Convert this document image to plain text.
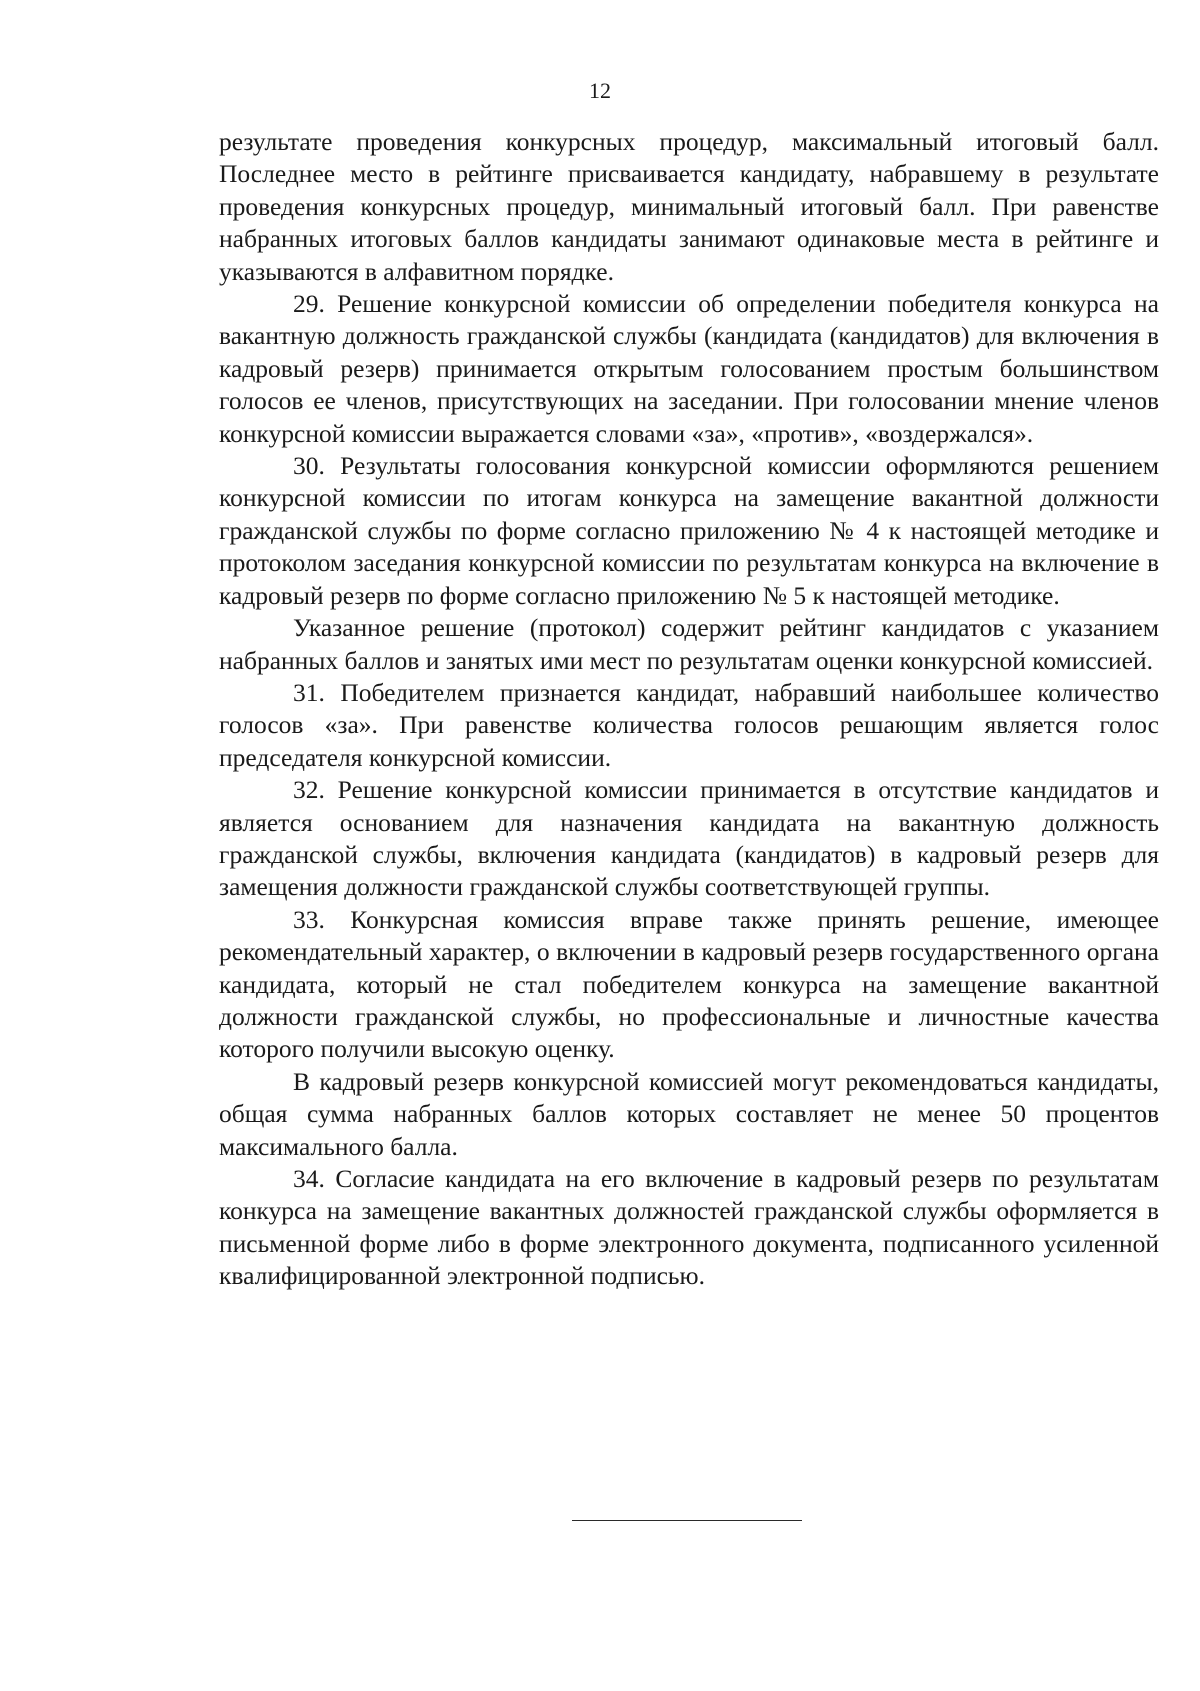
12

результате проведения конкурсных процедур, максимальный итоговый балл. Последнее место в рейтинге присваивается кандидату, набравшему в результате проведения конкурсных процедур, минимальный итоговый балл. При равенстве набранных итоговых баллов кандидаты занимают одинаковые места в рейтинге и указываются в алфавитном порядке.

29. Решение конкурсной комиссии об определении победителя конкурса на вакантную должность гражданской службы (кандидата (кандидатов) для включения в кадровый резерв) принимается открытым голосованием простым большинством голосов ее членов, присутствующих на заседании. При голосовании мнение членов конкурсной комиссии выражается словами «за», «против», «воздержался».

30. Результаты голосования конкурсной комиссии оформляются решением конкурсной комиссии по итогам конкурса на замещение вакантной должности гражданской службы по форме согласно приложению № 4 к настоящей методике и протоколом заседания конкурсной комиссии по результатам конкурса на включение в кадровый резерв по форме согласно приложению № 5 к настоящей методике.

Указанное решение (протокол) содержит рейтинг кандидатов с указанием набранных баллов и занятых ими мест по результатам оценки конкурсной комиссией.

31. Победителем признается кандидат, набравший наибольшее количество голосов «за». При равенстве количества голосов решающим является голос председателя конкурсной комиссии.

32. Решение конкурсной комиссии принимается в отсутствие кандидатов и является основанием для назначения кандидата на вакантную должность гражданской службы, включения кандидата (кандидатов) в кадровый резерв для замещения должности гражданской службы соответствующей группы.

33. Конкурсная комиссия вправе также принять решение, имеющее рекомендательный характер, о включении в кадровый резерв государственного органа кандидата, который не стал победителем конкурса на замещение вакантной должности гражданской службы, но профессиональные и личностные качества которого получили высокую оценку.

В кадровый резерв конкурсной комиссией могут рекомендоваться кандидаты, общая сумма набранных баллов которых составляет не менее 50 процентов максимального балла.

34. Согласие кандидата на его включение в кадровый резерв по результатам конкурса на замещение вакантных должностей гражданской службы оформляется в письменной форме либо в форме электронного документа, подписанного усиленной квалифицированной электронной подписью.
